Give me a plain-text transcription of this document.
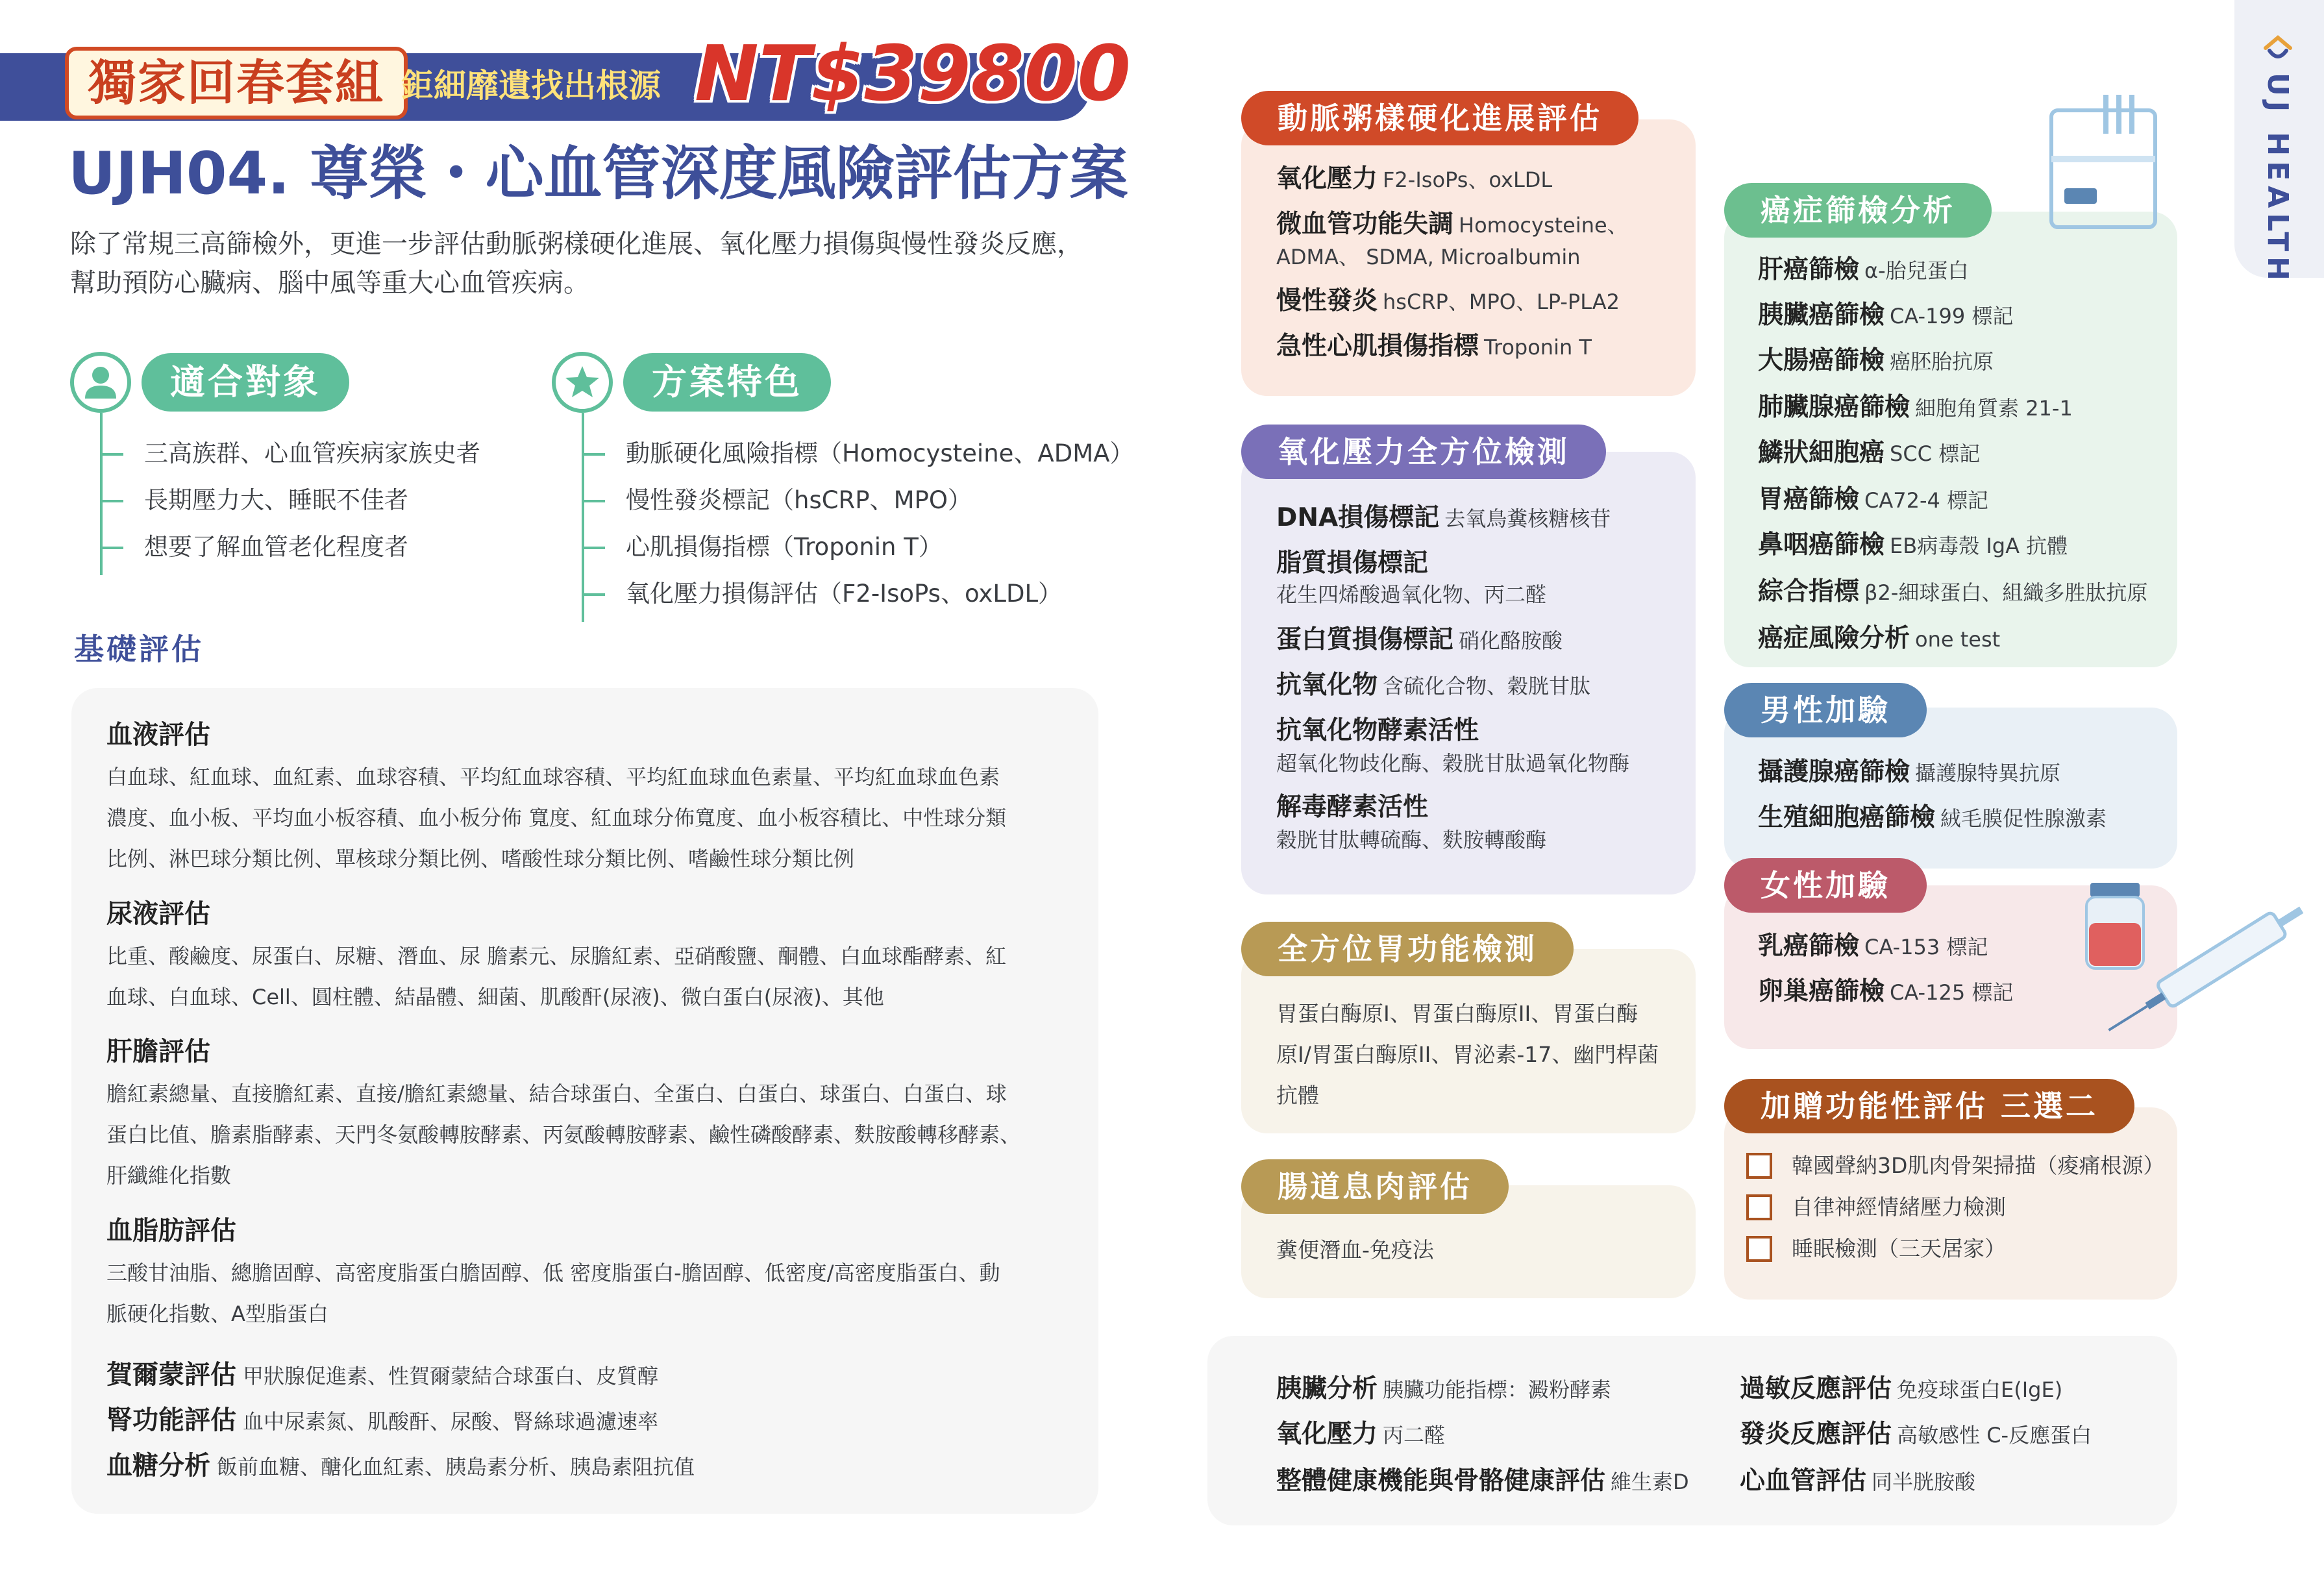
獨家回春套組 鉅細靡遺找出根源 NT$39800
UJH04. 尊榮・心血管深度風險評估方案
除了常規三高篩檢外，更進一步評估動脈粥樣硬化進展、氧化壓力損傷與慢性發炎反應，幫助預防心臟病、腦中風等重大心血管疾病。
適合對象
三高族群、心血管疾病家族史者
長期壓力大、睡眠不佳者
想要了解血管老化程度者
方案特色
動脈硬化風險指標（Homocysteine、ADMA）
慢性發炎標記（hsCRP、MPO）
心肌損傷指標（Troponin T）
氧化壓力損傷評估（F2-IsoPs、oxLDL）
基礎評估
血液評估
白血球、紅血球、血紅素、血球容積、平均紅血球容積、平均紅血球血色素量、平均紅血球血色素
濃度、血小板、平均血小板容積、血小板分佈 寬度、紅血球分佈寬度、血小板容積比、中性球分類
比例、淋巴球分類比例、單核球分類比例、嗜酸性球分類比例、嗜鹼性球分類比例
尿液評估
比重、酸鹼度、尿蛋白、尿糖、潛血、尿 膽素元、尿膽紅素、亞硝酸鹽、酮體、白血球酯酵素、紅
血球、白血球、Cell、圓柱體、結晶體、細菌、肌酸酐(尿液)、微白蛋白(尿液)、其他
肝膽評估
膽紅素總量、直接膽紅素、直接/膽紅素總量、結合球蛋白、全蛋白、白蛋白、球蛋白、白蛋白、球
蛋白比值、膽素脂酵素、天門冬氨酸轉胺酵素、丙氨酸轉胺酵素、鹼性磷酸酵素、麩胺酸轉移酵素、
肝纖維化指數
血脂肪評估
三酸甘油脂、總膽固醇、高密度脂蛋白膽固醇、低 密度脂蛋白-膽固醇、低密度/高密度脂蛋白、動
脈硬化指數、A型脂蛋白
賀爾蒙評估 甲狀腺促進素、性賀爾蒙結合球蛋白、皮質醇
腎功能評估 血中尿素氮、肌酸酐、尿酸、腎絲球過濾速率
血糖分析 飯前血糖、醣化血紅素、胰島素分析、胰島素阻抗值
動脈粥樣硬化進展評估
氧化壓力 F2-IsoPs、oxLDL
微血管功能失調 Homocysteine、
ADMA、 SDMA, Microalbumin
慢性發炎 hsCRP、MPO、LP-PLA2
急性心肌損傷指標 Troponin T
氧化壓力全方位檢測
DNA損傷標記 去氧鳥糞核糖核苷
脂質損傷標記
花生四烯酸過氧化物、丙二醛
蛋白質損傷標記 硝化酪胺酸
抗氧化物 含硫化合物、穀胱甘肽
抗氧化物酵素活性
超氧化物歧化酶、穀胱甘肽過氧化物酶
解毒酵素活性
穀胱甘肽轉硫酶、麩胺轉酸酶
全方位胃功能檢測
胃蛋白酶原I、胃蛋白酶原II、胃蛋白酶
原I/胃蛋白酶原II、胃泌素-17、幽門桿菌
抗體
腸道息肉評估
糞便潛血-免疫法
癌症篩檢分析
肝癌篩檢 α-胎兒蛋白
胰臟癌篩檢 CA-199 標記
大腸癌篩檢 癌胚胎抗原
肺臟腺癌篩檢 細胞角質素 21-1
鱗狀細胞癌 SCC 標記
胃癌篩檢 CA72-4 標記
鼻咽癌篩檢 EB病毒殼 IgA 抗體
綜合指標 β2-細球蛋白、組織多胜肽抗原
癌症風險分析 one test
男性加驗
攝護腺癌篩檢 攝護腺特異抗原
生殖細胞癌篩檢 絨毛膜促性腺激素
女性加驗
乳癌篩檢 CA-153 標記
卵巢癌篩檢 CA-125 標記
加贈功能性評估 三選二
韓國聲納3D肌肉骨架掃描（痠痛根源）
自律神經情緒壓力檢測
睡眠檢測（三天居家）
胰臟分析 胰臟功能指標：澱粉酵素
氧化壓力 丙二醛
整體健康機能與骨骼健康評估 維生素D
過敏反應評估 免疫球蛋白E(IgE)
發炎反應評估 高敏感性 C-反應蛋白
心血管評估 同半胱胺酸
UJ HEALTH
